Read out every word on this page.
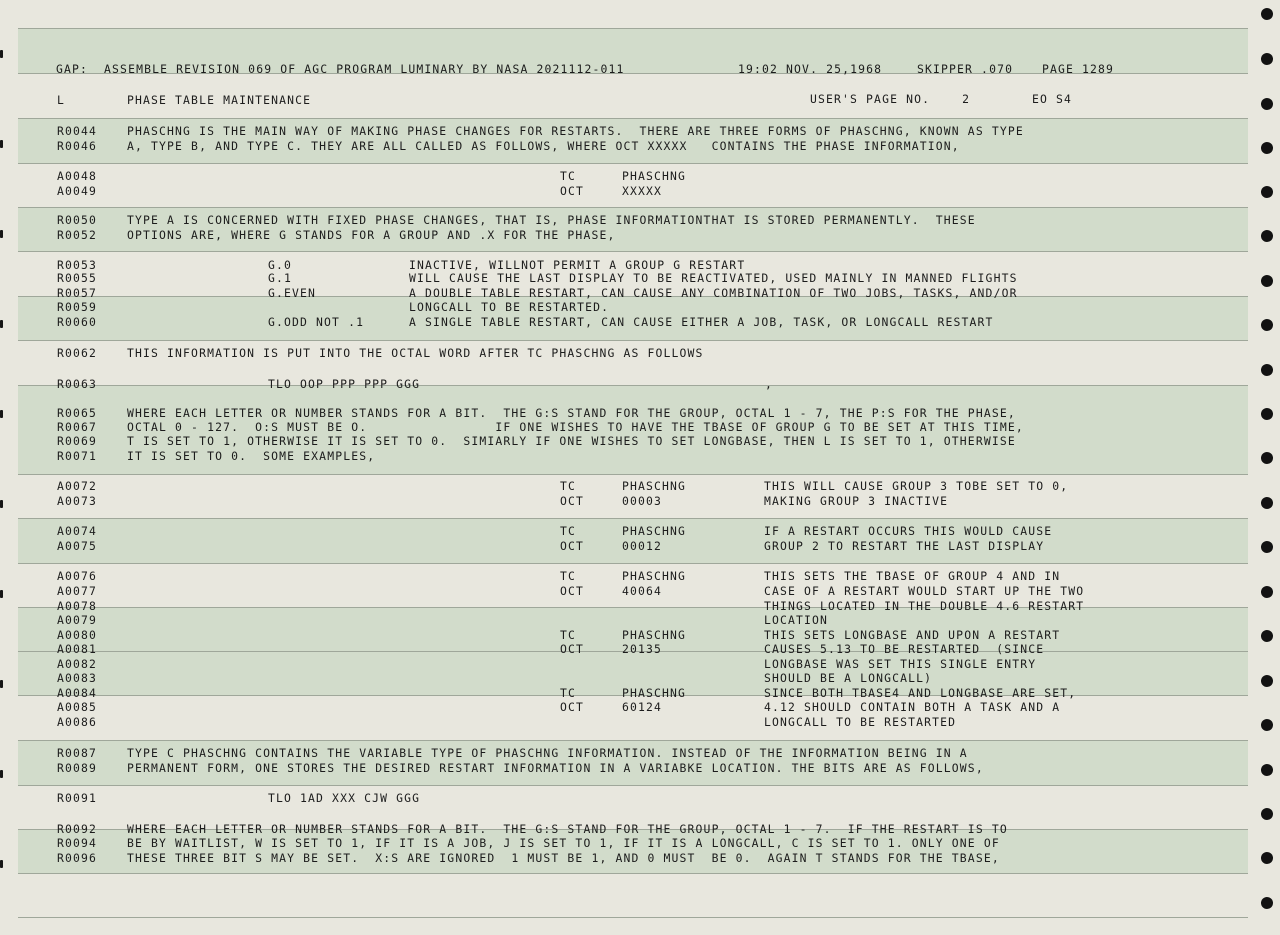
GAP:  ASSEMBLE REVISION 069 OF AGC PROGRAM LUMINARY BY NASA 2021112-011	19:02 NOV. 25,1968	SKIPPER .070	PAGE 1289
L	PHASE TABLE MAINTENANCE	USER'S PAGE NO.    2	EO S4
R0044	PHASCHNG IS THE MAIN WAY OF MAKING PHASE CHANGES FOR RESTARTS.  THERE ARE THREE FORMS OF PHASCHNG, KNOWN AS TYPE
R0046	A, TYPE B, AND TYPE C. THEY ARE ALL CALLED AS FOLLOWS, WHERE OCT XXXXX   CONTAINS THE PHASE INFORMATION,
A0048	TC	PHASCHNG
A0049	OCT	XXXXX
R0050	TYPE A IS CONCERNED WITH FIXED PHASE CHANGES, THAT IS, PHASE INFORMATIONTHAT IS STORED PERMANENTLY.  THESE
R0052	OPTIONS ARE, WHERE G STANDS FOR A GROUP AND .X FOR THE PHASE,
R0053	G.0	INACTIVE, WILLNOT PERMIT A GROUP G RESTART
R0055	G.1	WILL CAUSE THE LAST DISPLAY TO BE REACTIVATED, USED MAINLY IN MANNED FLIGHTS
R0057	G.EVEN	A DOUBLE TABLE RESTART, CAN CAUSE ANY COMBINATION OF TWO JOBS, TASKS, AND/OR
R0059	LONGCALL TO BE RESTARTED.
R0060	G.ODD NOT .1	A SINGLE TABLE RESTART, CAN CAUSE EITHER A JOB, TASK, OR LONGCALL RESTART
R0062	THIS INFORMATION IS PUT INTO THE OCTAL WORD AFTER TC PHASCHNG AS FOLLOWS
R0063	TLO OOP PPP PPP GGG	,
R0065	WHERE EACH LETTER OR NUMBER STANDS FOR A BIT.  THE G:S STAND FOR THE GROUP, OCTAL 1 - 7, THE P:S FOR THE PHASE,
R0067	OCTAL 0 - 127.  O:S MUST BE O.                IF ONE WISHES TO HAVE THE TBASE OF GROUP G TO BE SET AT THIS TIME,
R0069	T IS SET TO 1, OTHERWISE IT IS SET TO 0.  SIMIARLY IF ONE WISHES TO SET LONGBASE, THEN L IS SET TO 1, OTHERWISE
R0071	IT IS SET TO 0.  SOME EXAMPLES,
A0072	TC	PHASCHNG	THIS WILL CAUSE GROUP 3 TOBE SET TO 0,
A0073	OCT	00003	MAKING GROUP 3 INACTIVE
A0074	TC	PHASCHNG	IF A RESTART OCCURS THIS WOULD CAUSE
A0075	OCT	00012	GROUP 2 TO RESTART THE LAST DISPLAY
A0076	TC	PHASCHNG	THIS SETS THE TBASE OF GROUP 4 AND IN
A0077	OCT	40064	CASE OF A RESTART WOULD START UP THE TWO
A0078	THINGS LOCATED IN THE DOUBLE 4.6 RESTART
A0079	LOCATION
A0080	TC	PHASCHNG	THIS SETS LONGBASE AND UPON A RESTART
A0081	OCT	20135	CAUSES 5.13 TO BE RESTARTED  (SINCE
A0082	LONGBASE WAS SET THIS SINGLE ENTRY
A0083	SHOULD BE A LONGCALL)
A0084	TC	PHASCHNG	SINCE BOTH TBASE4 AND LONGBASE ARE SET,
A0085	OCT	60124	4.12 SHOULD CONTAIN BOTH A TASK AND A
A0086	LONGCALL TO BE RESTARTED
R0087	TYPE C PHASCHNG CONTAINS THE VARIABLE TYPE OF PHASCHNG INFORMATION. INSTEAD OF THE INFORMATION BEING IN A
R0089	PERMANENT FORM, ONE STORES THE DESIRED RESTART INFORMATION IN A VARIABKE LOCATION. THE BITS ARE AS FOLLOWS,
R0091	TLO 1AD XXX CJW GGG
R0092	WHERE EACH LETTER OR NUMBER STANDS FOR A BIT.  THE G:S STAND FOR THE GROUP, OCTAL 1 - 7.  IF THE RESTART IS TO
R0094	BE BY WAITLIST, W IS SET TO 1, IF IT IS A JOB, J IS SET TO 1, IF IT IS A LONGCALL, C IS SET TO 1. ONLY ONE OF
R0096	THESE THREE BIT S MAY BE SET.  X:S ARE IGNORED  1 MUST BE 1, AND 0 MUST  BE 0.  AGAIN T STANDS FOR THE TBASE,
